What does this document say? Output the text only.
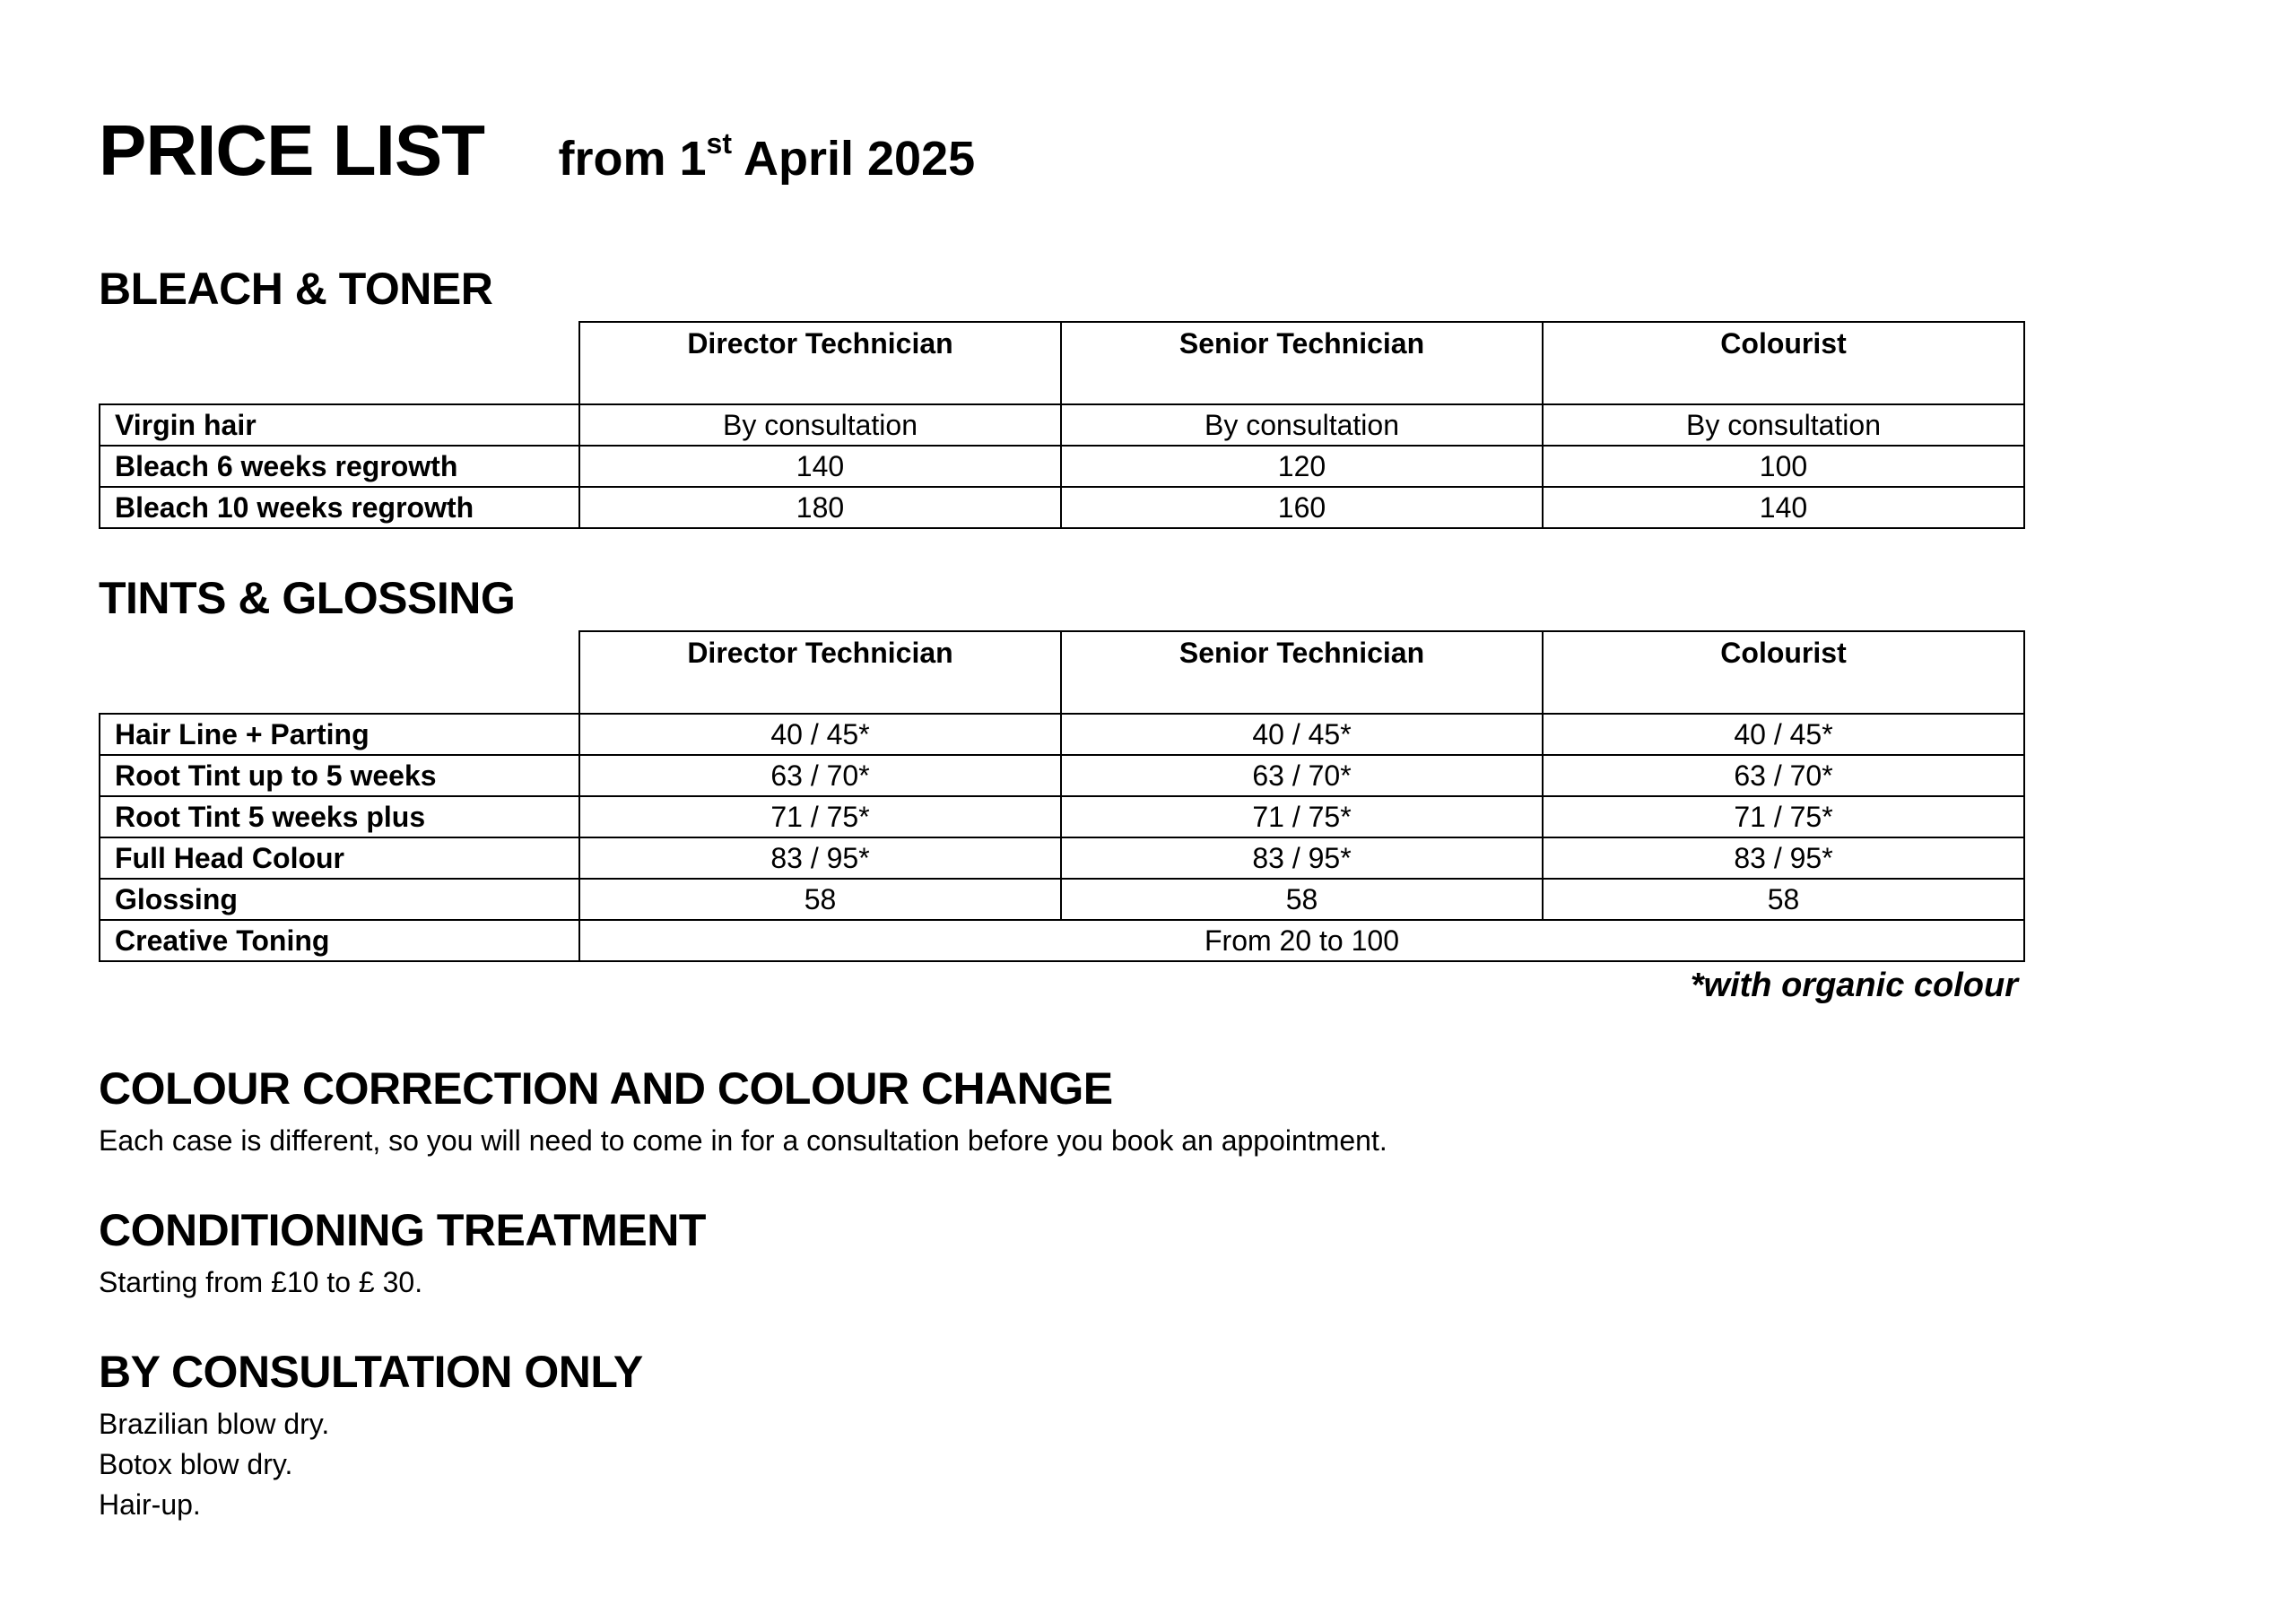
PRICE LIST from 1st April 2025
BLEACH & TONER
	Director Technician	Senior Technician	Colourist
Virgin hair	By consultation	By consultation	By consultation
Bleach 6 weeks regrowth	140	120	100
Bleach 10 weeks regrowth	180	160	140
TINTS & GLOSSING
	Director Technician	Senior Technician	Colourist
Hair Line + Parting	40 / 45*	40 / 45*	40 / 45*
Root Tint up to 5 weeks	63 / 70*	63 / 70*	63 / 70*
Root Tint 5 weeks plus	71 / 75*	71 / 75*	71 / 75*
Full Head Colour	83 / 95*	83 / 95*	83 / 95*
Glossing	58	58	58
Creative Toning	From 20 to 100		
*with organic colour
COLOUR CORRECTION AND COLOUR CHANGE
Each case is different, so you will need to come in for a consultation before you book an appointment.
CONDITIONING TREATMENT
Starting from £10 to £ 30.
BY CONSULTATION ONLY
Brazilian blow dry.
Botox blow dry.
Hair-up.
